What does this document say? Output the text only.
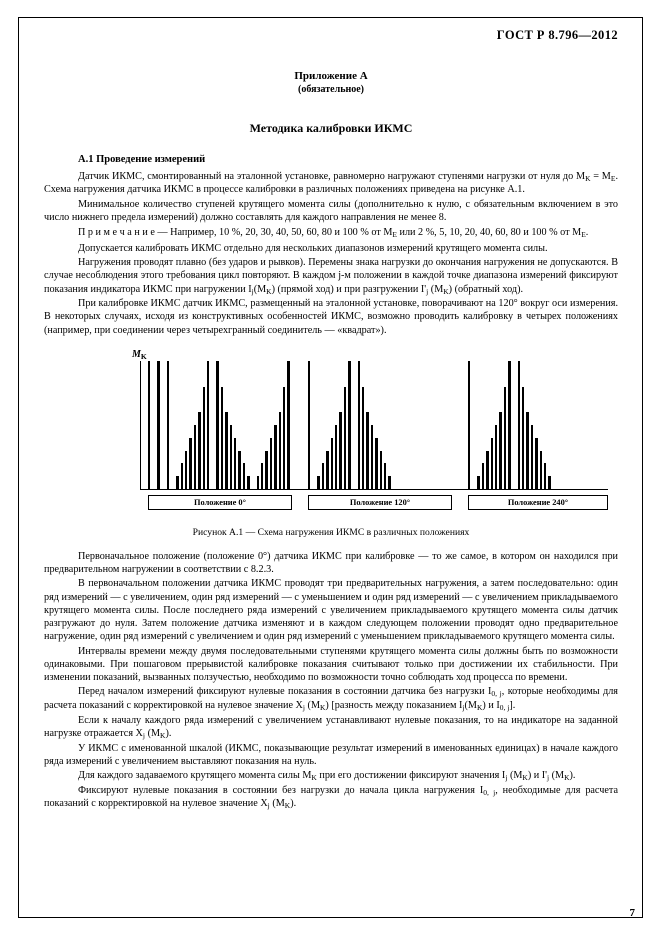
ГОСТ Р 8.796—2012
Приложение А
(обязательное)
Методика калибровки ИКМС
А.1 Проведение измерений

Датчик ИКМС, смонтированный на эталонной установке, равномерно нагружают ступенями нагрузки от нуля до $M_K = M_E$. Схема нагружения датчика ИКМС в процессе калибровки в различных положениях приведена на рисунке А.1.

Минимальное количество ступеней крутящего момента силы (дополнительно к нулю, с обязательным включением в это число нижнего предела измерений) должно составлять для каждого направления не менее 8.

П р и м е ч а н и е — Например, 10 %, 20, 30, 40, 50, 60, 80 и 100 % от $M_E$ или 2 %, 5, 10, 20, 40, 60, 80 и 100 % от $M_E$.

Допускается калибровать ИКМС отдельно для нескольких диапазонов измерений крутящего момента силы.

Нагружения проводят плавно (без ударов и рывков). Перемены знака нагрузки до окончания нагружения не допускаются. В случае несоблюдения этого требования цикл повторяют. В каждом j-м положении в каждой точке диапазона измерений фиксируют показания индикатора ИКМС при нагружении $I_j(M_K)$ (прямой ход) и при разгружении $I'_j$ $(M_K)$ (обратный ход).

При калибровке ИКМС датчик ИКМС, размещенный на эталонной установке, поворачивают на 120° вокруг оси измерения. В некоторых случаях, исходя из конструктивных особенностей ИКМС, возможно проводить калибровку в четырех положениях (например, при соединении через четырехгранный соединитель — «квадрат»).

$M_K$
Положение 0°	Положение 120°	Положение 240°
Рисунок А.1 — Схема нагружения ИКМС в различных положениях

Первоначальное положение (положение 0°) датчика ИКМС при калибровке — то же самое, в котором он находился при предварительном нагружении в соответствии с 8.2.3.

В первоначальном положении датчика ИКМС проводят три предварительных нагружения, а затем последовательно: один ряд измерений — с увеличением, один ряд измерений — с уменьшением и один ряд измерений — с увеличением прикладываемого крутящего момента силы. После последнего ряда измерений с увеличением прикладываемого крутящего момента силы датчик разгружают до нуля. Затем положение датчика изменяют и в каждом следующем положении проводят одно предварительное нагружение, один ряд измерений с увеличением и один ряд измерений с уменьшением прикладываемого крутящего момента силы.

Интервалы времени между двумя последовательными ступенями крутящего момента силы должны быть по возможности одинаковыми. При пошаговом прерывистой калибровке показания считывают только при достижении их стабильности. При изменении показаний, вызванных ползучестью, необходимо по возможности точно соблюдать ход процесса по времени.

Перед началом измерений фиксируют нулевые показания в состоянии датчика без нагрузки $I_{0, j}$, которые необходимы для расчета показаний с корректировкой на нулевое значение $X_j$ $(M_K)$ [разность между показанием $I_j(M_K)$ и $I_{0, j}$].

Если к началу каждого ряда измерений с увеличением устанавливают нулевые показания, то на индикаторе на заданной нагрузке отражается $X_j$ $(M_K)$.

У ИКМС с именованной шкалой (ИКМС, показывающие результат измерений в именованных единицах) в начале каждого ряда измерений с увеличением выставляют показания на нуль.

Для каждого задаваемого крутящего момента силы $M_K$ при его достижении фиксируют значения $I_j$ $(M_K)$ и $I'_j$ $(M_K)$.

Фиксируют нулевые показания в состоянии без нагрузки до начала цикла нагружения $I_{0, j}$, необходимые для расчета показаний с корректировкой на нулевое значение $X_j$ $(M_K)$.

7
